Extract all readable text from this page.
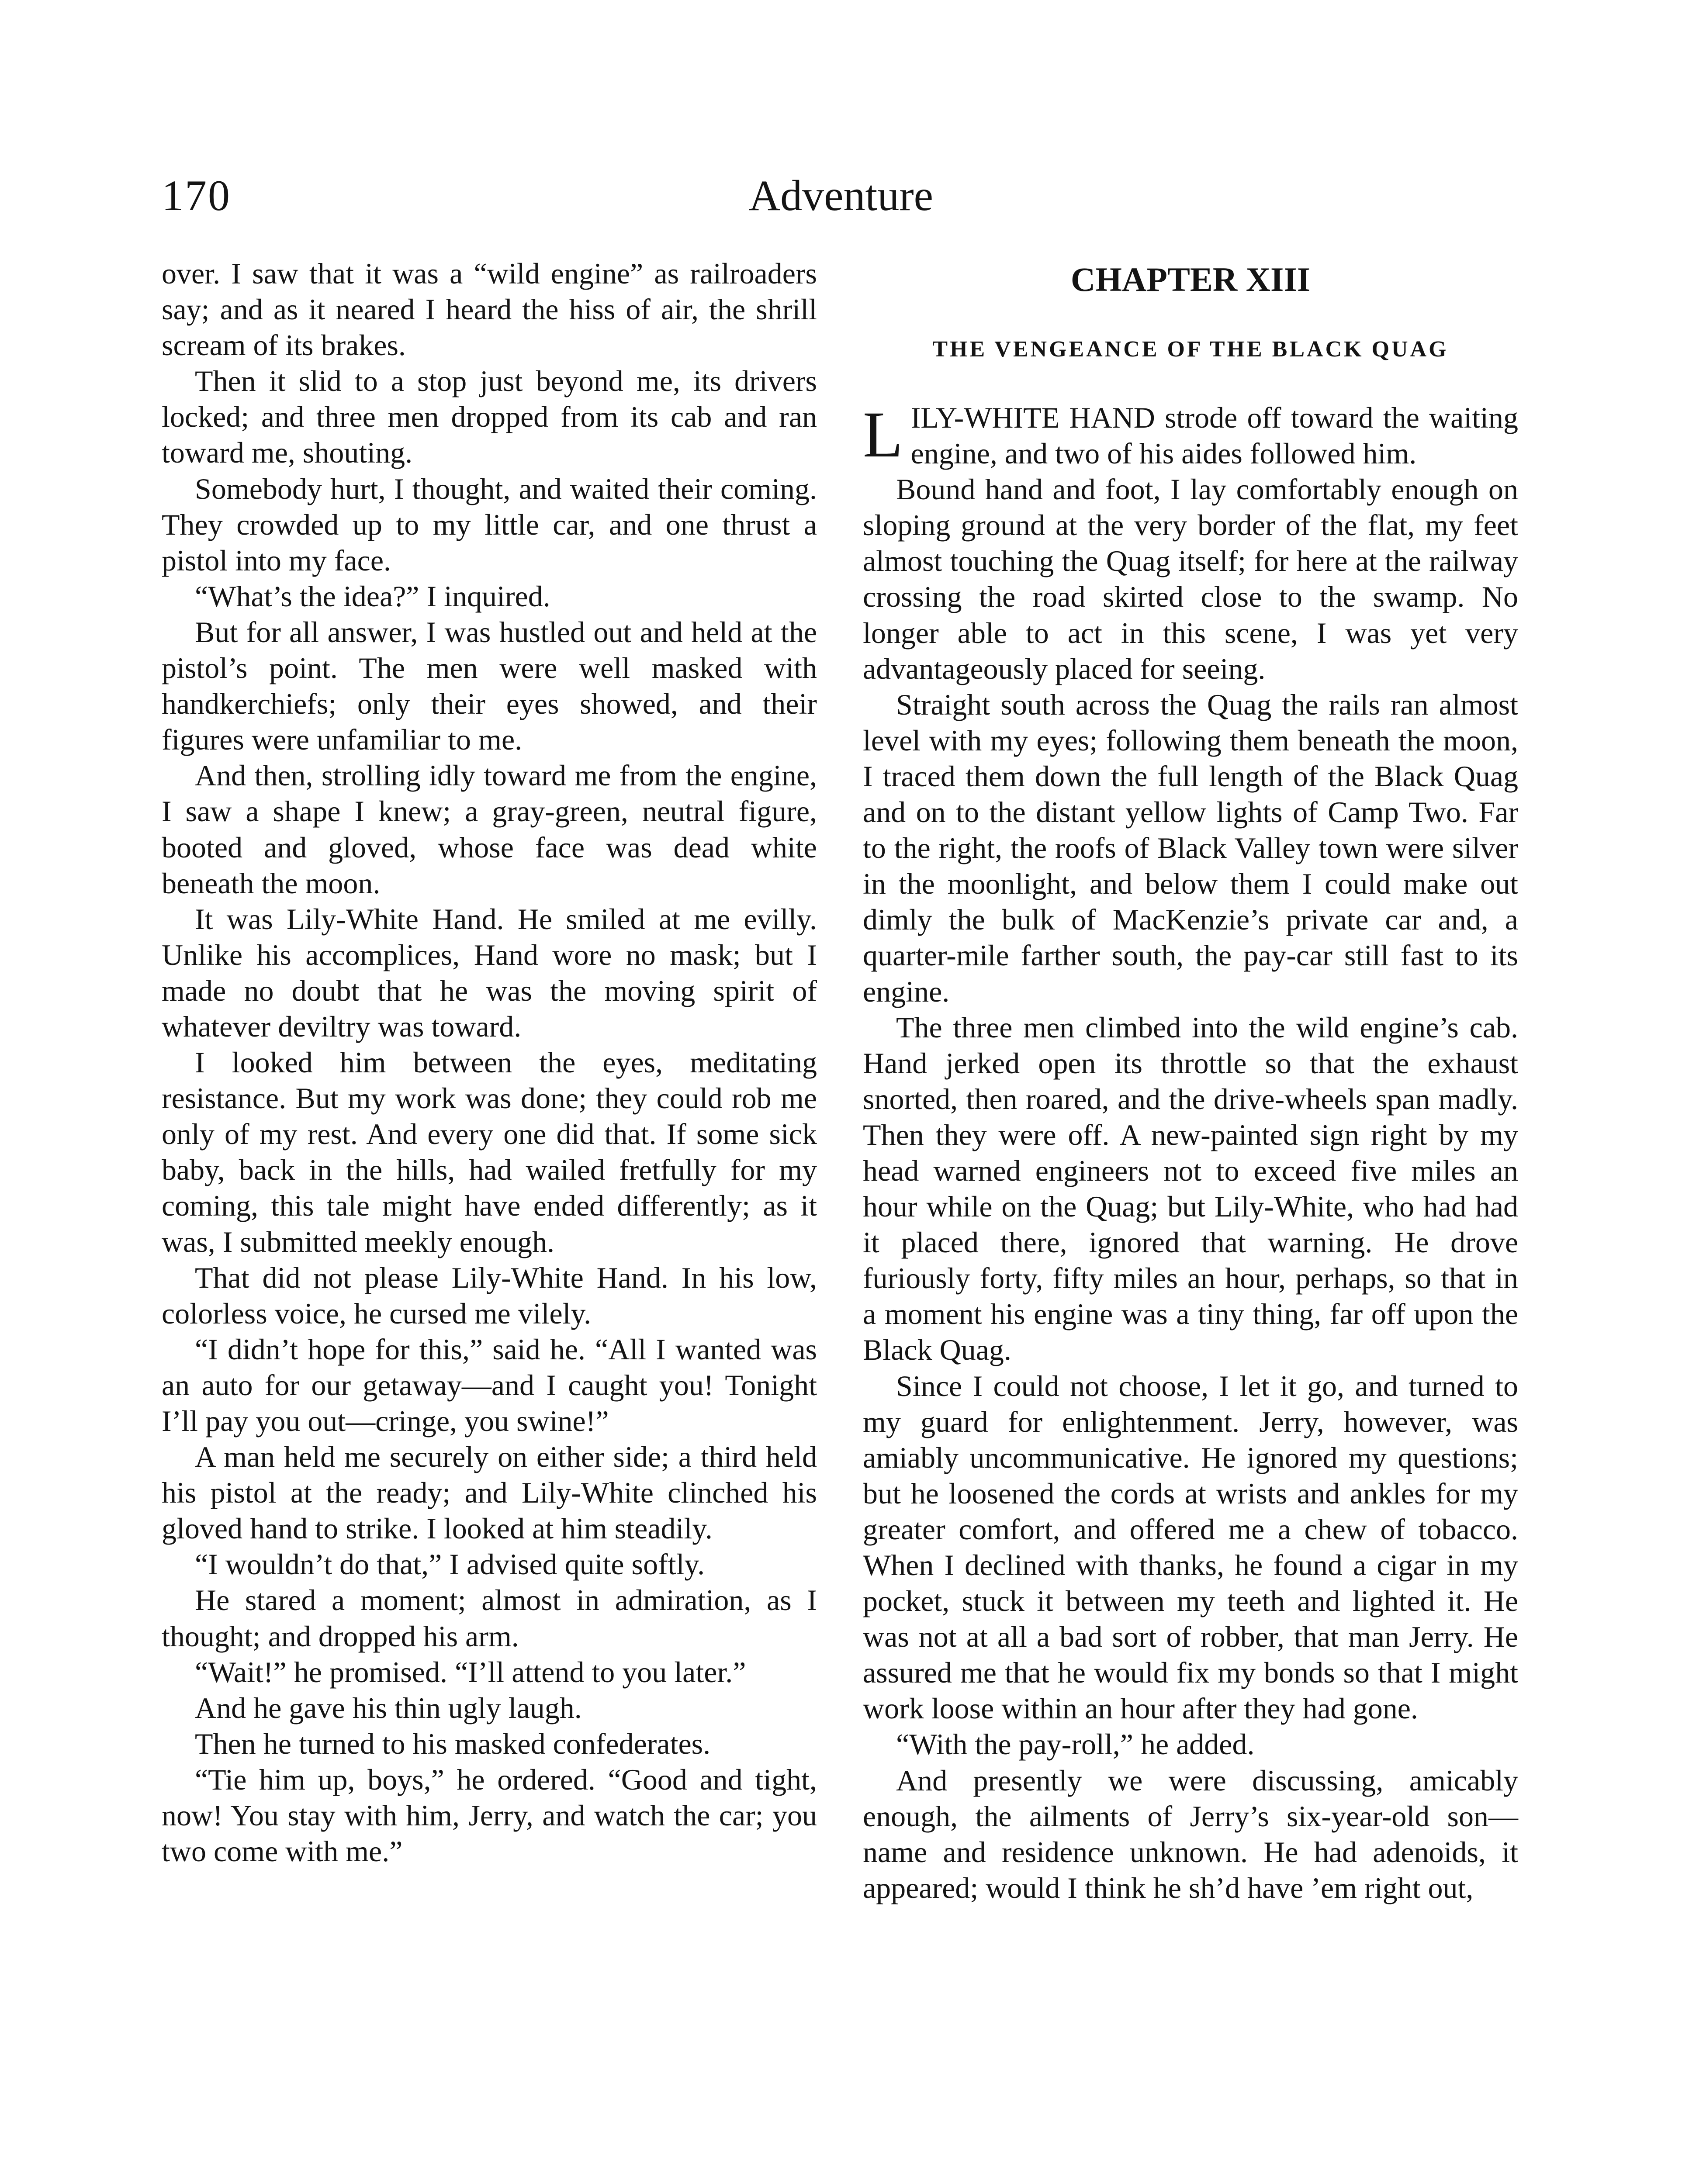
170	Adventure

over. I saw that it was a “wild engine” as railroaders say; and as it neared I heard the hiss of air, the shrill scream of its brakes.

Then it slid to a stop just beyond me, its drivers locked; and three men dropped from its cab and ran toward me, shouting.

Somebody hurt, I thought, and waited their coming. They crowded up to my little car, and one thrust a pistol into my face.

“What’s the idea?” I inquired.

But for all answer, I was hustled out and held at the pistol’s point. The men were well masked with handkerchiefs; only their eyes showed, and their figures were unfamiliar to me.

And then, strolling idly toward me from the engine, I saw a shape I knew; a gray-green, neutral figure, booted and gloved, whose face was dead white beneath the moon.

It was Lily-White Hand. He smiled at me evilly. Unlike his accomplices, Hand wore no mask; but I made no doubt that he was the moving spirit of whatever deviltry was toward.

I looked him between the eyes, meditating resistance. But my work was done; they could rob me only of my rest. And every one did that. If some sick baby, back in the hills, had wailed fretfully for my coming, this tale might have ended differently; as it was, I submitted meekly enough.

That did not please Lily-White Hand. In his low, colorless voice, he cursed me vilely.

“I didn’t hope for this,” said he. “All I wanted was an auto for our getaway—and I caught you! Tonight I’ll pay you out—cringe, you swine!”

A man held me securely on either side; a third held his pistol at the ready; and Lily-White clinched his gloved hand to strike. I looked at him steadily.

“I wouldn’t do that,” I advised quite softly.

He stared a moment; almost in admiration, as I thought; and dropped his arm.

“Wait!” he promised. “I’ll attend to you later.”

And he gave his thin ugly laugh.

Then he turned to his masked confederates.

“Tie him up, boys,” he ordered. “Good and tight, now! You stay with him, Jerry, and watch the car; you two come with me.”

CHAPTER XIII
THE VENGEANCE OF THE BLACK QUAG

LILY-WHITE HAND strode off toward the waiting engine, and two of his aides followed him.

Bound hand and foot, I lay comfortably enough on sloping ground at the very border of the flat, my feet almost touching the Quag itself; for here at the railway crossing the road skirted close to the swamp. No longer able to act in this scene, I was yet very advantageously placed for seeing.

Straight south across the Quag the rails ran almost level with my eyes; following them beneath the moon, I traced them down the full length of the Black Quag and on to the distant yellow lights of Camp Two. Far to the right, the roofs of Black Valley town were silver in the moonlight, and below them I could make out dimly the bulk of MacKenzie’s private car and, a quarter-mile farther south, the pay-car still fast to its engine.

The three men climbed into the wild engine’s cab. Hand jerked open its throttle so that the exhaust snorted, then roared, and the drive-wheels span madly. Then they were off. A new-painted sign right by my head warned engineers not to exceed five miles an hour while on the Quag; but Lily-White, who had had it placed there, ignored that warning. He drove furiously forty, fifty miles an hour, perhaps, so that in a moment his engine was a tiny thing, far off upon the Black Quag.

Since I could not choose, I let it go, and turned to my guard for enlightenment. Jerry, however, was amiably uncommunicative. He ignored my questions; but he loosened the cords at wrists and ankles for my greater comfort, and offered me a chew of tobacco. When I declined with thanks, he found a cigar in my pocket, stuck it between my teeth and lighted it. He was not at all a bad sort of robber, that man Jerry. He assured me that he would fix my bonds so that I might work loose within an hour after they had gone.

“With the pay-roll,” he added.

And presently we were discussing, amicably enough, the ailments of Jerry’s six-year-old son—name and residence unknown. He had adenoids, it appeared; would I think he sh’d have ’em right out,
